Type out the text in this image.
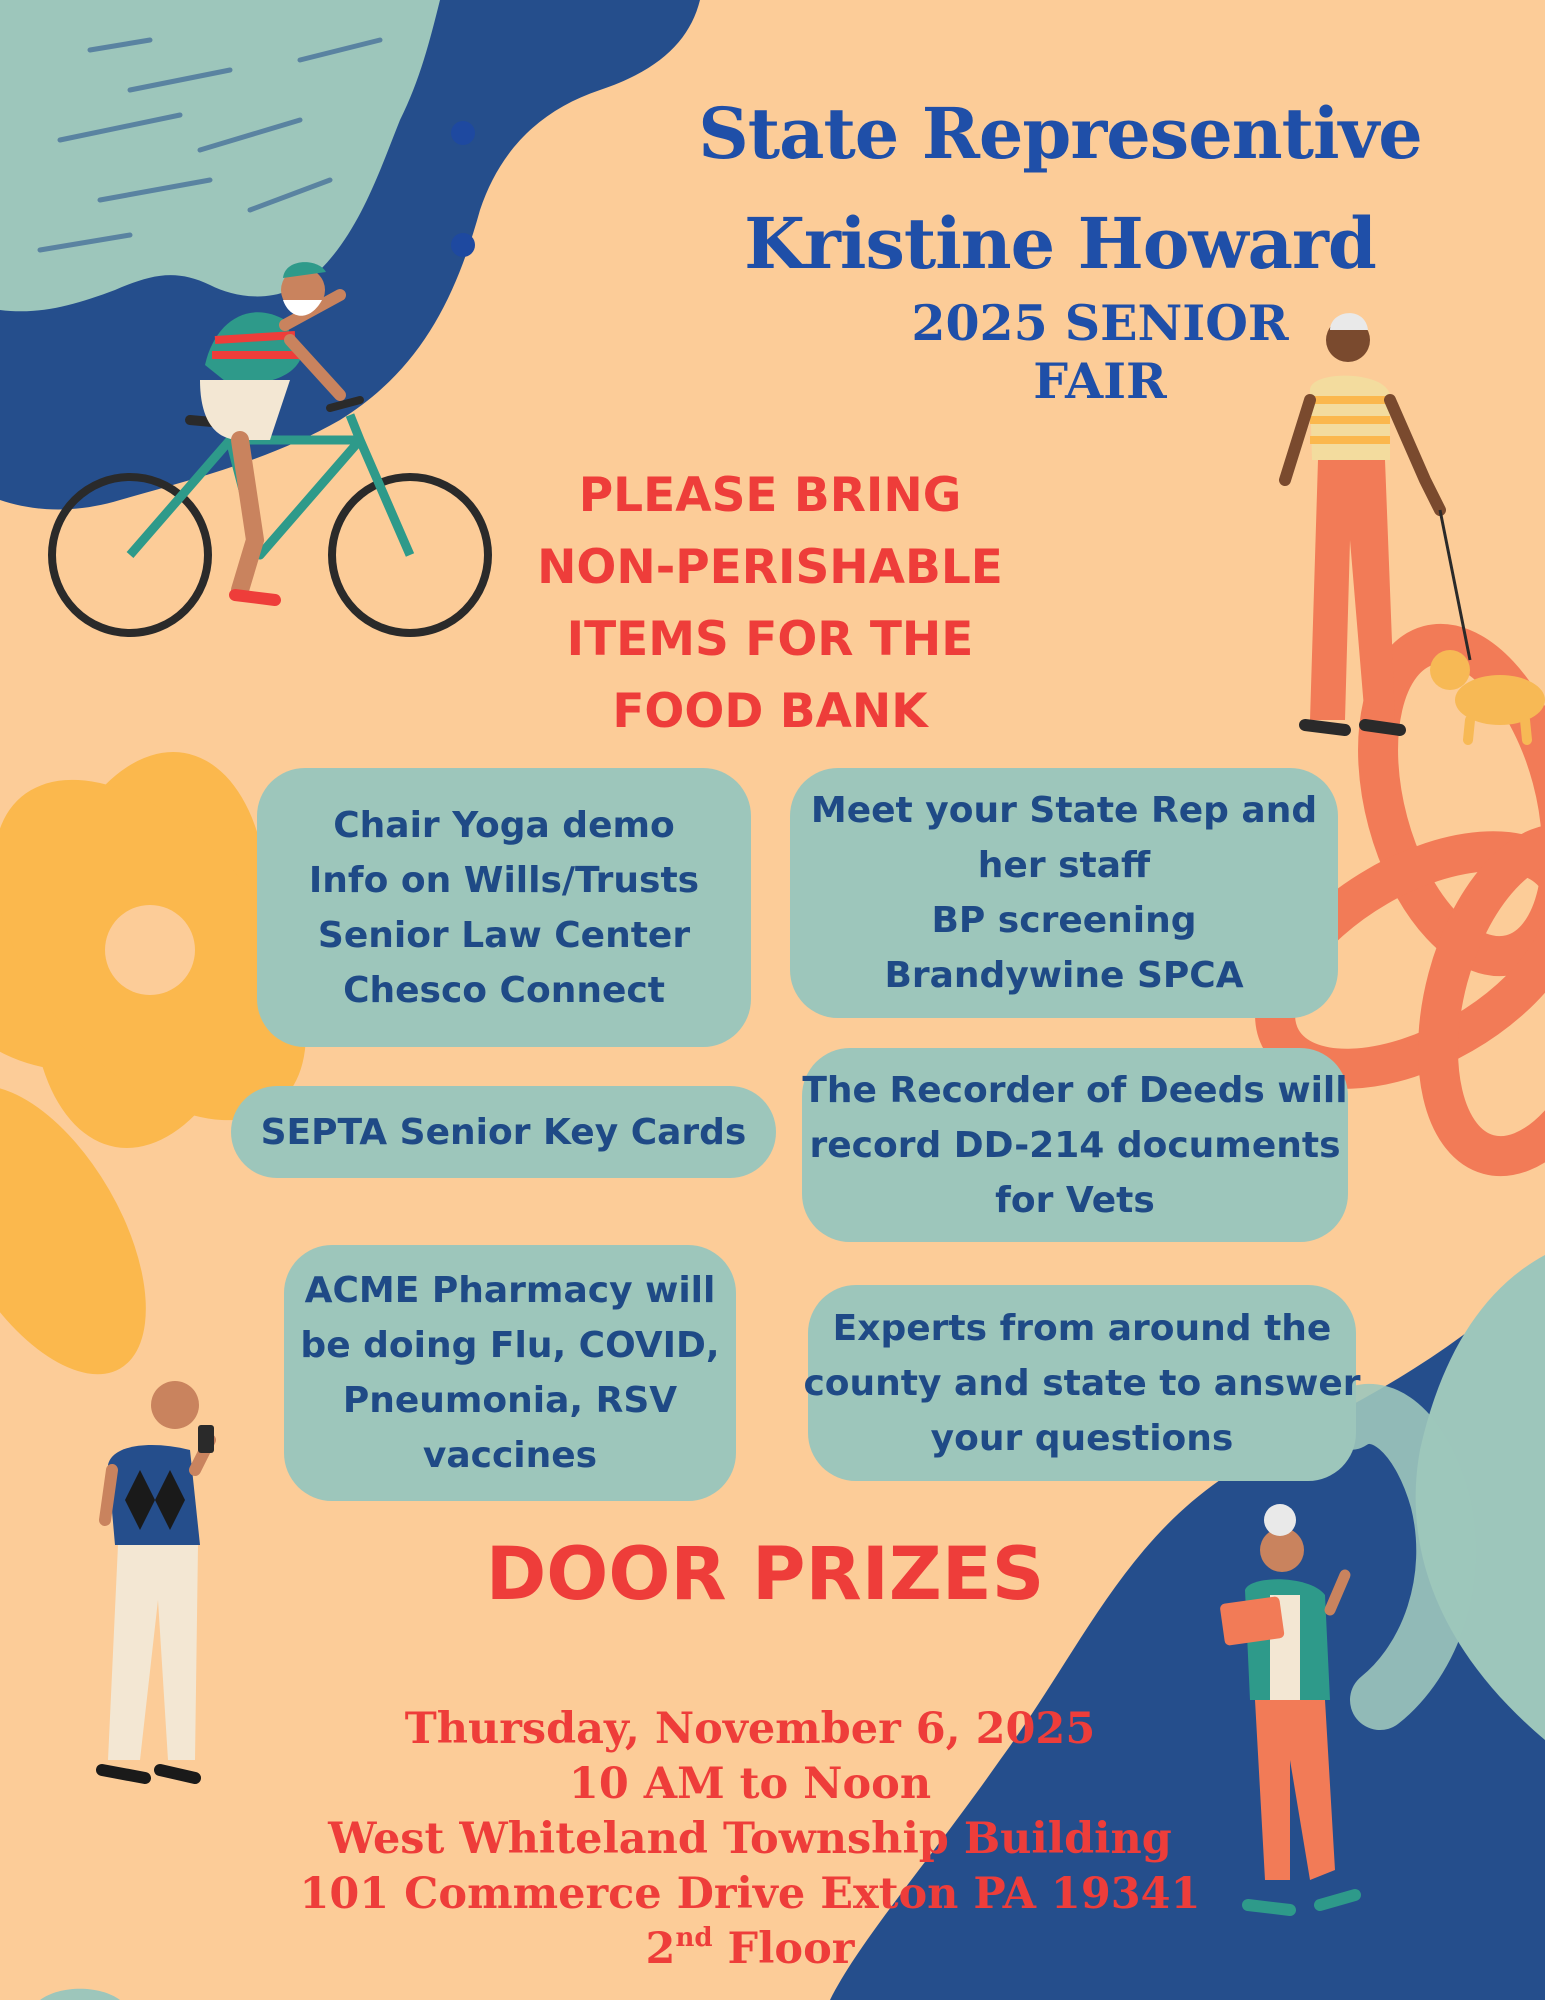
State Representive
Kristine Howard
2025 SENIOR FAIR
PLEASE BRING
NON-PERISHABLE
ITEMS FOR THE
FOOD BANK
Chair Yoga demo
Info on Wills/Trusts
Senior Law Center
Chesco Connect
Meet your State Rep and
her staff
BP screening
Brandywine SPCA
SEPTA Senior Key Cards
The Recorder of Deeds will
record DD-214 documents
for Vets
ACME Pharmacy will
be doing Flu, COVID,
Pneumonia, RSV
vaccines
Experts from around the
county and state to answer
your questions
DOOR PRIZES
Thursday, November 6, 2025
10 AM to Noon
West Whiteland Township Building
101 Commerce Drive Exton PA 19341
2nd Floor
